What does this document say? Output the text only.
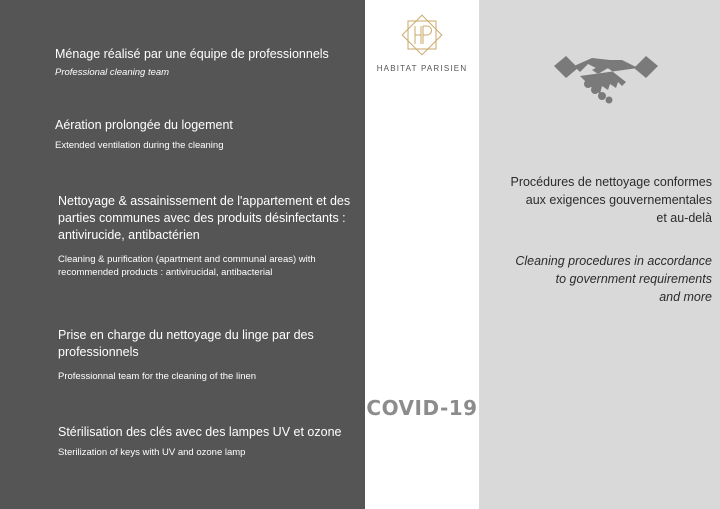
Ménage réalisé par une équipe de professionnels
Professional cleaning team
Aération prolongée du logement
Extended ventilation during the cleaning
Nettoyage & assainissement de l'appartement et des parties communes avec des produits désinfectants : antivirucide, antibactérien
Cleaning & purification (apartment and communal areas) with recommended products : antivirucidal, antibacterial
Prise en charge du nettoyage du linge par des professionnels
Professionnal team for the cleaning of the linen
Stérilisation des clés avec des lampes UV et ozone
Sterilization of keys with UV and ozone lamp
HABITAT PARISIEN
COVID-19
Procédures de nettoyage conformes
aux exigences gouvernementales
et au-delà
Cleaning procedures in accordance
to government requirements
and more
